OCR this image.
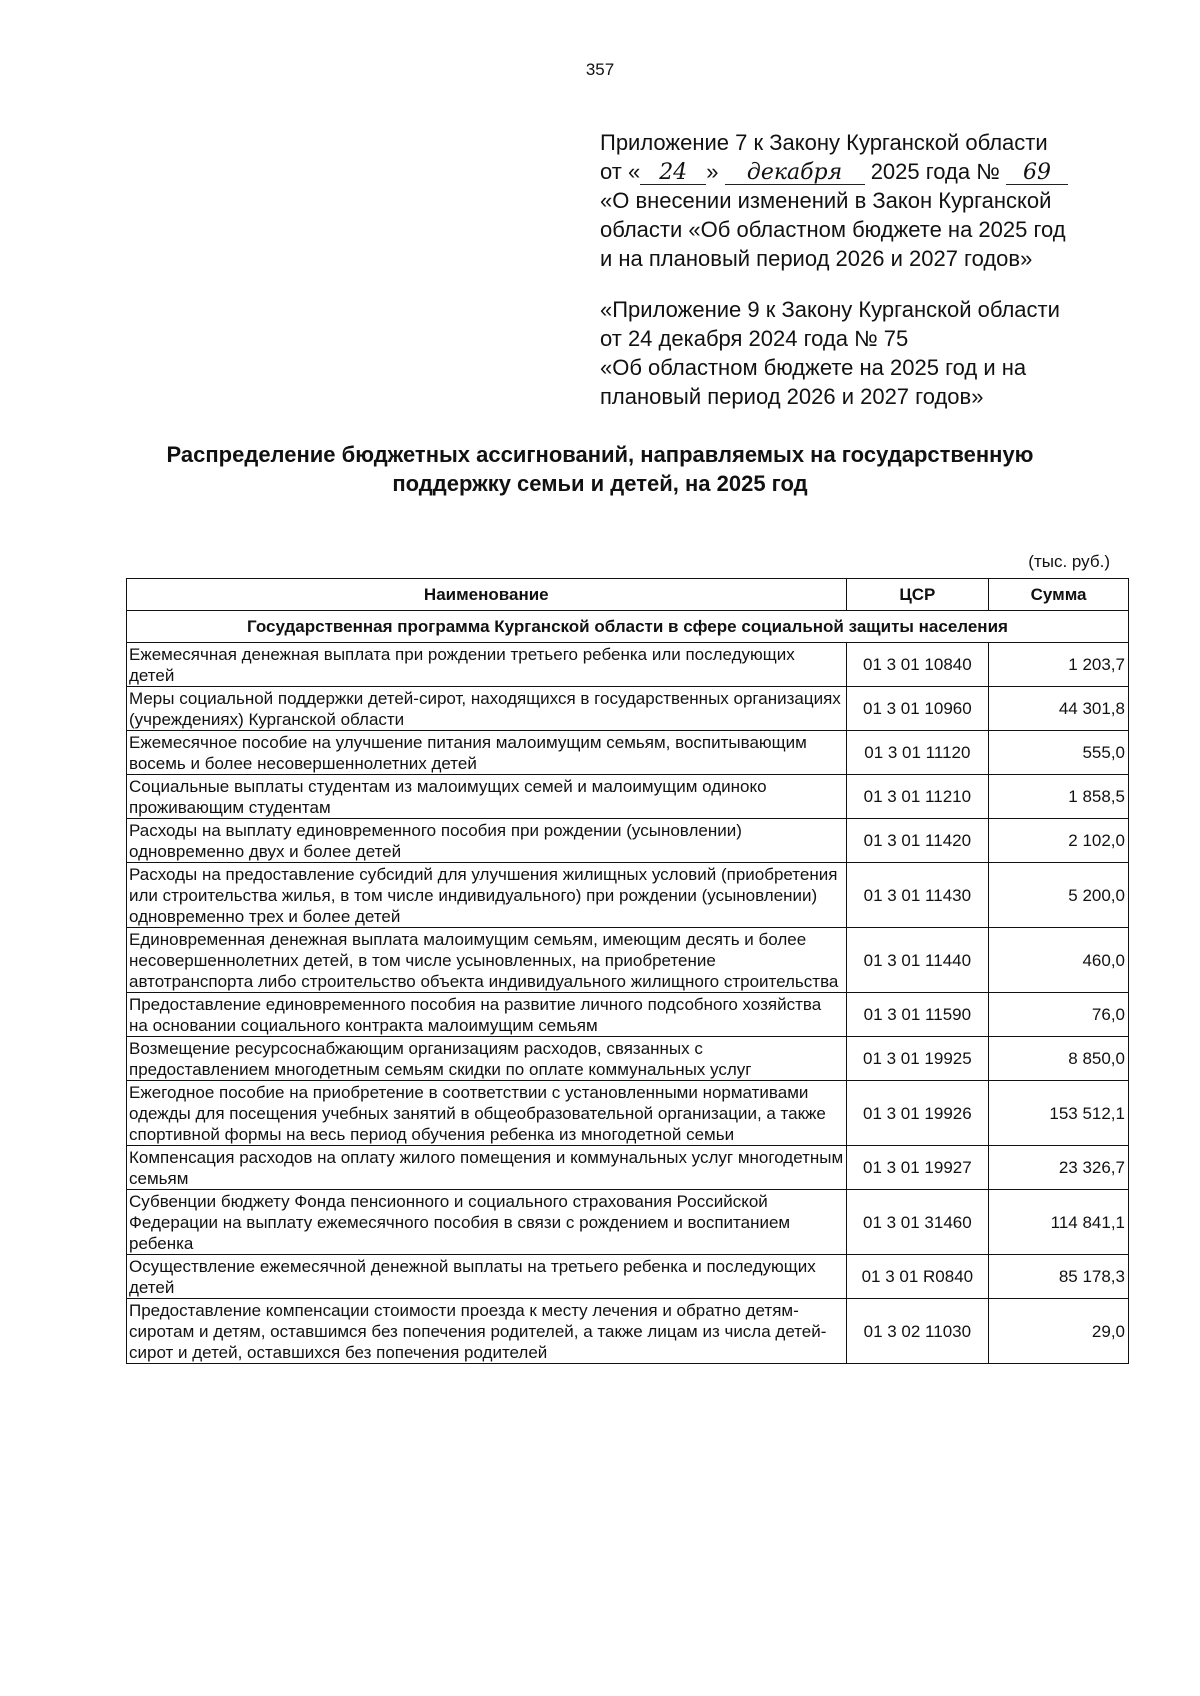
357
Приложение 7 к Закону Курганской области
от « 24 » декабря 2025 года № 69
«О внесении изменений в Закон Курганской
области «Об областном бюджете на 2025 год
и на плановый период 2026 и 2027 годов»
«Приложение 9 к Закону Курганской области
от 24 декабря 2024 года № 75
«Об областном бюджете на 2025 год и на
плановый период 2026 и 2027 годов»
Распределение бюджетных ассигнований, направляемых на государственную
поддержку семьи и детей, на 2025 год
(тыс. руб.)
Наименование	ЦСР	Сумма
Государственная программа Курганской области в сфере социальной защиты населения		
Ежемесячная денежная выплата при рождении третьего ребенка или последующих детей	01 3 01 10840	1 203,7
Меры социальной поддержки детей-сирот, находящихся в государственных организациях (учреждениях) Курганской области	01 3 01 10960	44 301,8
Ежемесячное пособие на улучшение питания малоимущим семьям, воспитывающим восемь и более несовершеннолетних детей	01 3 01 11120	555,0
Социальные выплаты студентам из малоимущих семей и малоимущим одиноко проживающим студентам	01 3 01 11210	1 858,5
Расходы на выплату единовременного пособия при рождении (усыновлении) одновременно двух и более детей	01 3 01 11420	2 102,0
Расходы на предоставление субсидий для улучшения жилищных условий (приобретения или строительства жилья, в том числе индивидуального) при рождении (усыновлении) одновременно трех и более детей	01 3 01 11430	5 200,0
Единовременная денежная выплата малоимущим семьям, имеющим десять и более несовершеннолетних детей, в том числе усыновленных, на приобретение автотранспорта либо строительство объекта индивидуального жилищного строительства	01 3 01 11440	460,0
Предоставление единовременного пособия на развитие личного подсобного хозяйства на основании социального контракта малоимущим семьям	01 3 01 11590	76,0
Возмещение ресурсоснабжающим организациям расходов, связанных с предоставлением многодетным семьям скидки по оплате коммунальных услуг	01 3 01 19925	8 850,0
Ежегодное пособие на приобретение в соответствии с установленными нормативами одежды для посещения учебных занятий в общеобразовательной организации, а также спортивной формы на весь период обучения ребенка из многодетной семьи	01 3 01 19926	153 512,1
Компенсация расходов на оплату жилого помещения и коммунальных услуг многодетным семьям	01 3 01 19927	23 326,7
Субвенции бюджету Фонда пенсионного и социального страхования Российской Федерации на выплату ежемесячного пособия в связи с рождением и воспитанием ребенка	01 3 01 31460	114 841,1
Осуществление ежемесячной денежной выплаты на третьего ребенка и последующих детей	01 3 01 R0840	85 178,3
Предоставление компенсации стоимости проезда к месту лечения и обратно детям-сиротам и детям, оставшимся без попечения родителей, а также лицам из числа детей-сирот и детей, оставшихся без попечения родителей	01 3 02 11030	29,0
